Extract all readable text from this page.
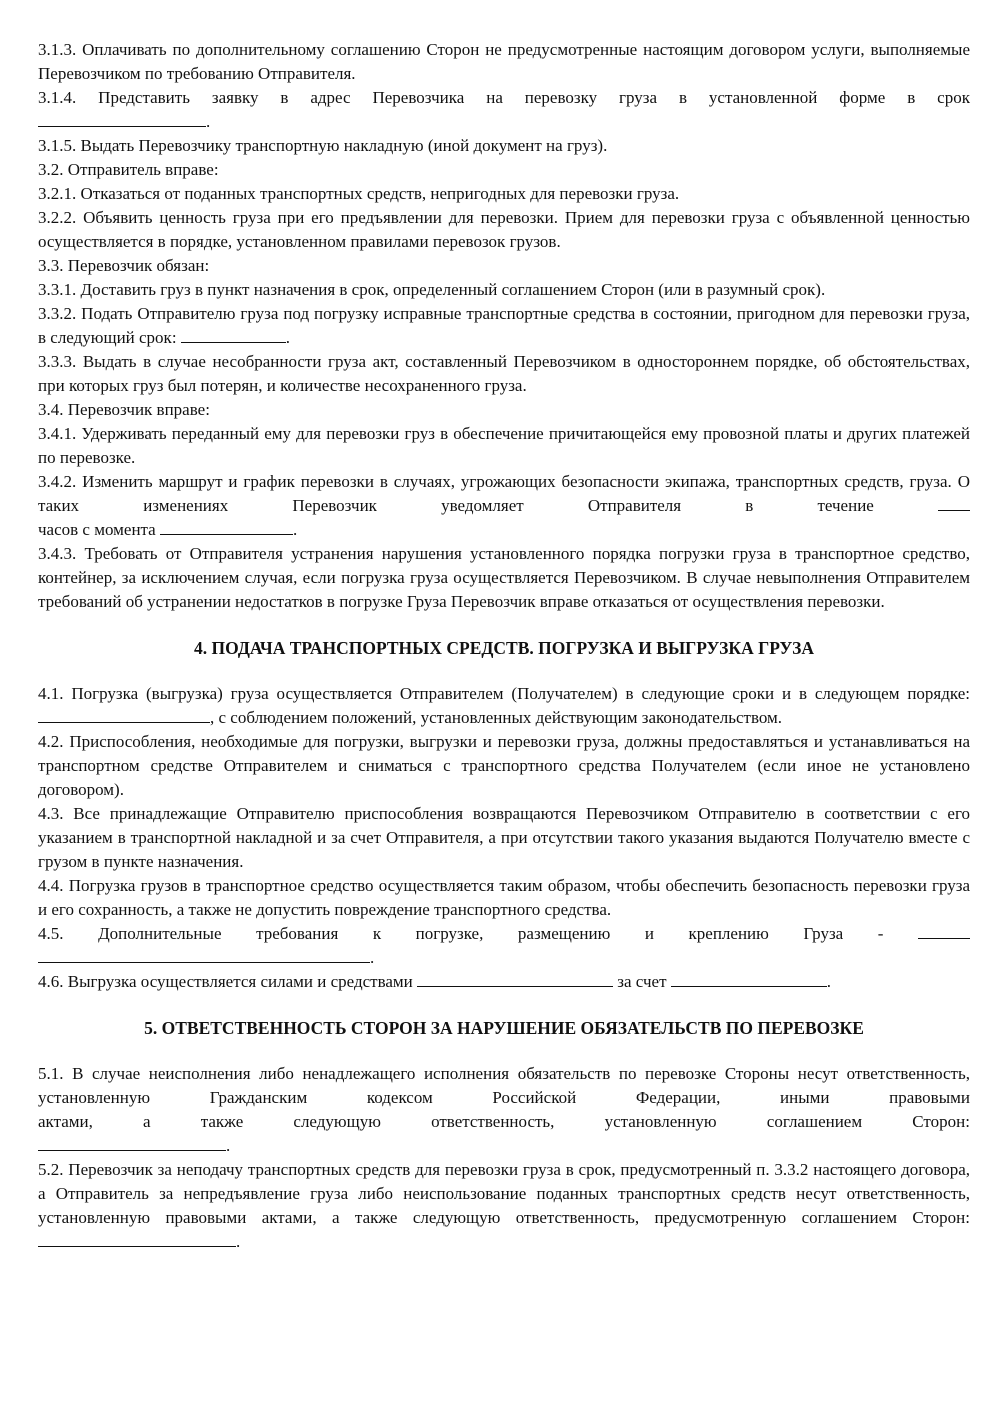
3.1.3. Оплачивать по дополнительному соглашению Сторон не предусмотренные настоящим договором услуги, выполняемые Перевозчиком по требованию Отправителя.

3.1.4. Представить заявку в адрес Перевозчика на перевозку груза в установленной форме в срок

.

3.1.5. Выдать Перевозчику транспортную накладную (иной документ на груз).

3.2. Отправитель вправе:

3.2.1. Отказаться от поданных транспортных средств, непригодных для перевозки груза.

3.2.2. Объявить ценность груза при его предъявлении для перевозки. Прием для перевозки груза с объявленной ценностью осуществляется в порядке, установленном правилами перевозок грузов.

3.3. Перевозчик обязан:

3.3.1. Доставить груз в пункт назначения в срок, определенный соглашением Сторон (или в разумный срок).

3.3.2. Подать Отправителю груза под погрузку исправные транспортные средства в состоянии, пригодном для перевозки груза, в следующий срок:	.

3.3.3. Выдать в случае несобранности груза акт, составленный Перевозчиком в одностороннем порядке, об обстоятельствах, при которых груз был потерян, и количестве несохраненного груза.

3.4. Перевозчик вправе:

3.4.1. Удерживать переданный ему для перевозки груз в обеспечение причитающейся ему провозной платы и других платежей по перевозке.

3.4.2. Изменить маршрут и график перевозки в случаях, угрожающих безопасности экипажа, транспортных средств, груза. О таких изменениях Перевозчик уведомляет Отправителя в течение

часов с момента	.

3.4.3. Требовать от Отправителя устранения нарушения установленного порядка погрузки груза в транспортное средство, контейнер, за исключением случая, если погрузка груза осуществляется Перевозчиком. В случае невыполнения Отправителем требований об устранении недостатков в погрузке Груза Перевозчик вправе отказаться от осуществления перевозки.

4. ПОДАЧА ТРАНСПОРТНЫХ СРЕДСТВ. ПОГРУЗКА И ВЫГРУЗКА ГРУЗА

4.1. Погрузка (выгрузка) груза осуществляется Отправителем (Получателем) в следующие сроки и в следующем порядке: , с соблюдением положений, установленных действующим законодательством.

4.2. Приспособления, необходимые для погрузки, выгрузки и перевозки груза, должны предоставляться и устанавливаться на транспортном средстве Отправителем и сниматься с транспортного средства Получателем (если иное не установлено договором).

4.3. Все принадлежащие Отправителю приспособления возвращаются Перевозчиком Отправителю в соответствии с его указанием в транспортной накладной и за счет Отправителя, а при отсутствии такого указания выдаются Получателю вместе с грузом в пункте назначения.

4.4. Погрузка грузов в транспортное средство осуществляется таким образом, чтобы обеспечить безопасность перевозки груза и его сохранность, а также не допустить повреждение транспортного средства.

4.5. Дополнительные требования к погрузке, размещению и креплению Груза -

.

4.6. Выгрузка осуществляется силами и средствами	за счет	.

5. ОТВЕТСТВЕННОСТЬ СТОРОН ЗА НАРУШЕНИЕ ОБЯЗАТЕЛЬСТВ ПО ПЕРЕВОЗКЕ

5.1. В случае неисполнения либо ненадлежащего исполнения обязательств по перевозке Стороны несут ответственность, установленную Гражданским кодексом Российской Федерации, иными правовыми

актами,	а	также	следующую	ответственность,	установленную	соглашением	Сторон:

.

5.2. Перевозчик за неподачу транспортных средств для перевозки груза в срок, предусмотренный п. 3.3.2 настоящего договора, а Отправитель за непредъявление груза либо неиспользование поданных транспортных средств несут ответственность, установленную правовыми актами, а также следующую ответственность, предусмотренную соглашением Сторон: .
